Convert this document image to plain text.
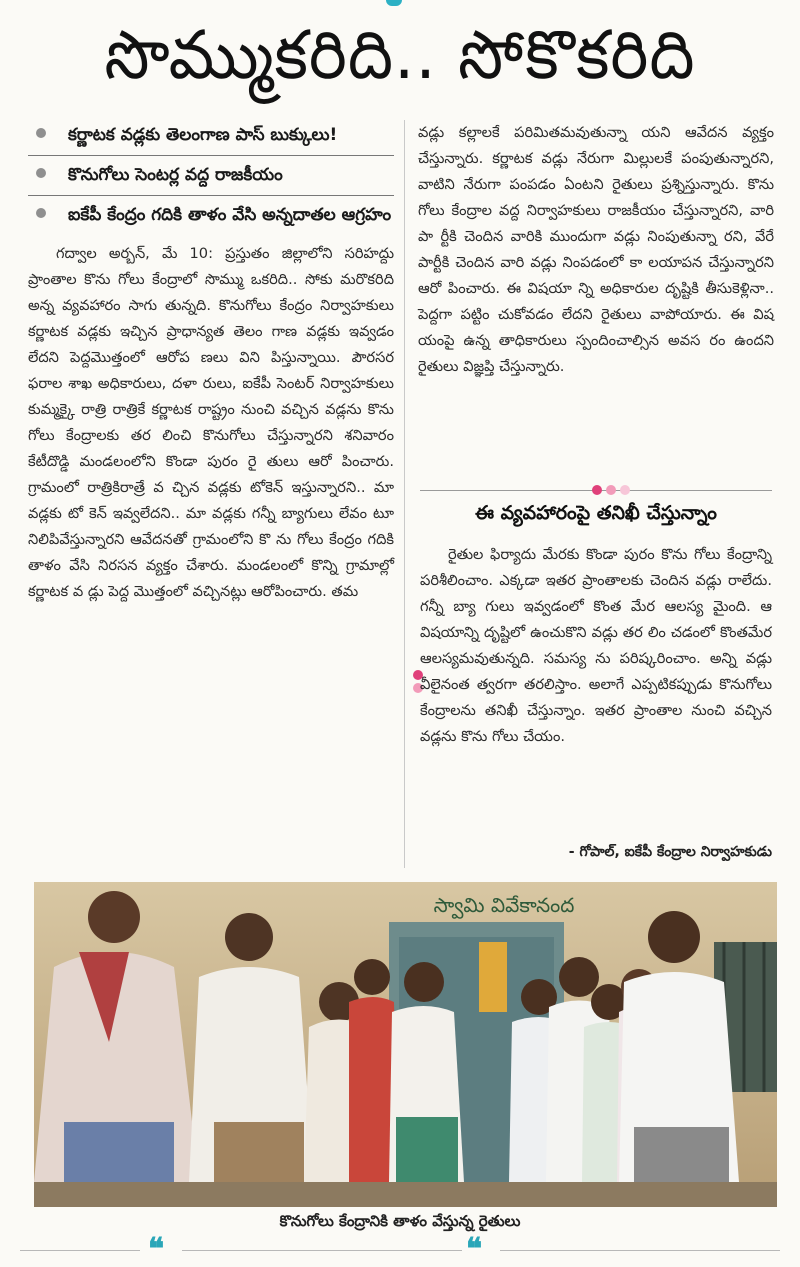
సొమ్ముకరిది.. సోకొకరిది
కర్ణాటక వడ్లకు తెలంగాణ పాస్ బుక్కులు!
కొనుగోలు సెంటర్ల వద్ద రాజకీయం
ఐకేపీ కేంద్రం గదికి తాళం వేసి అన్నదాతల ఆగ్రహం
గద్వాల అర్బన్, మే 10: ప్రస్తుతం జిల్లాలోని సరిహద్దు ప్రాంతాల కొను గోలు కేంద్రాలో సొమ్ము ఒకరిది.. సోకు మరొకరిది అన్న వ్యవహారం సాగు తున్నది. కొనుగోలు కేంద్రం నిర్వాహకులు కర్ణాటక వడ్లకు ఇచ్చిన ప్రాధాన్యత తెలం గాణ వడ్లకు ఇవ్వడం లేదని పెద్దమొత్తంలో ఆరోప ణలు విని పిస్తున్నాయి. పౌరసర ఫరాల శాఖ అధికారులు, దళా రులు, ఐకేపీ సెంటర్ నిర్వాహకులు కుమ్మక్కై రాత్రి రాత్రికే కర్ణాటక రాష్ట్రం నుంచి వచ్చిన వడ్లను కొను గోలు కేంద్రాలకు తర లించి కొనుగోలు చేస్తున్నారని శనివారం కేటీదొడ్డి మండలంలోని కొండా పురం రై తులు ఆరో పించారు. గ్రామంలో రాత్రికిరాత్రే వ చ్చిన వడ్లకు టోకెన్ ఇస్తున్నారని.. మా వడ్లకు టో కెన్ ఇవ్వలేదని.. మా వడ్లకు గన్నీ బ్యాగులు లేవం టూ నిలిపివేస్తున్నారని ఆవేదనతో గ్రామంలోని కొ ను గోలు కేంద్రం గదికి తాళం వేసి నిరసన వ్యక్తం చేశారు. మండలంలో కొన్ని గ్రామాల్లో కర్ణాటక వ డ్లు పెద్ద మొత్తంలో వచ్చినట్లు ఆరోపించారు. తమ
వడ్లు కల్లాలకే పరిమితమవుతున్నా యని ఆవేదన వ్యక్తం చేస్తున్నారు. కర్ణాటక వడ్లు నేరుగా మిల్లులకే పంపుతున్నారని, వాటిని నేరుగా పంపడం ఏంటని రైతులు ప్రశ్నిస్తున్నారు. కొను గోలు కేంద్రాల వద్ద నిర్వాహకులు రాజకీయం చేస్తున్నారని, వారి పా ర్టీకి చెందిన వారికి ముందుగా వడ్లు నింపుతున్నా రని, వేరే పార్టీకి చెందిన వారి వడ్లు నింపడంలో కా లయాపన చేస్తున్నారని ఆరో పించారు. ఈ విషయా న్ని అధికారుల దృష్టికి తీసుకెళ్లినా.. పెద్దగా పట్టిం చుకోవడం లేదని రైతులు వాపోయారు. ఈ విష యంపై ఉన్న తాధికారులు స్పందించాల్సిన అవస రం ఉందని రైతులు విజ్ఞప్తి చేస్తున్నారు.
ఈ వ్యవహారంపై తనిఖీ చేస్తున్నాం
రైతుల ఫిర్యాదు మేరకు కొండా పురం కొను గోలు కేంద్రాన్ని పరిశీలించాం. ఎక్కడా ఇతర ప్రాంతాలకు చెందిన వడ్లు రాలేదు. గన్నీ బ్యా గులు ఇవ్వడంలో కొంత మేర ఆలస్య మైంది. ఆ విషయాన్ని దృష్టిలో ఉంచుకొని వడ్లు తర లిం చడంలో కొంతమేర ఆలస్యమవుతున్నది. సమస్య ను పరిష్కరించాం. అన్ని వడ్లు వీలైనంత త్వరగా తరలిస్తాం. అలాగే ఎప్పటికప్పుడు కొనుగోలు కేంద్రాలను తనిఖీ చేస్తున్నాం. ఇతర ప్రాంతాల నుంచి వచ్చిన వడ్లను కొను గోలు చేయం.
- గోపాల్, ఐకేపీ కేంద్రాల నిర్వాహకుడు
స్వామి వివేకానంద
కొనుగోలు కేంద్రానికి తాళం వేస్తున్న రైతులు
❝	❝
